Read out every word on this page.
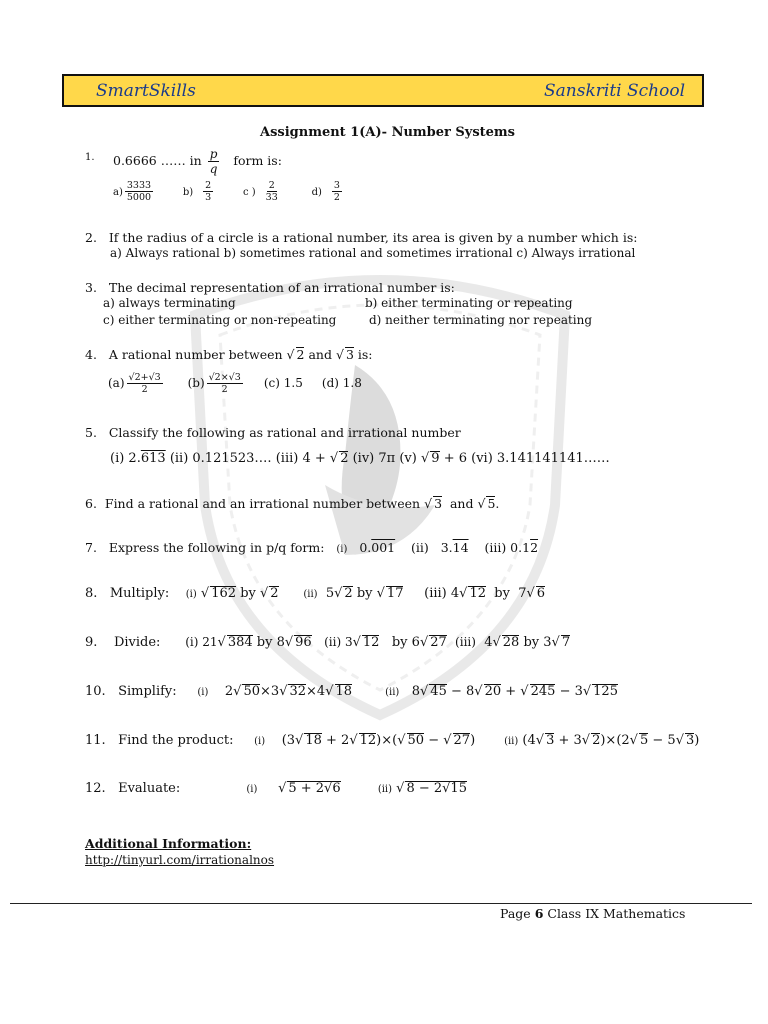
SmartSkills	Sanskriti School
Assignment 1(A)- Number Systems
1. 0.6666 …… in $\frac{p}{q}$ form is:
$a) \frac{3333}{5000}$	$b) \frac{2}{3}$	c ) $\frac{2}{33}$	$d) \frac{3}{2}$
2. If the radius of a circle is a rational number, its area is given by a number which is:
a) Always rational b) sometimes rational and sometimes irrational c) Always irrational
3. The decimal representation of an irrational number is:
a) always terminating	b) either terminating or repeating
c) either terminating or non-repeating	d) neither terminating nor repeating
4. A rational number between √ 2 and √ 3 is:
$(a) \frac{√2+√3}{2} (b) \frac{√2\times√3}{2} (c)$ 1.5 (d) 1.8
5. Classify the following as rational and irrational number
(i) 2.613 (ii) 0.121523…. (iii) 4 + √ 2 (iv) 7π (v) √ 9 + 6 (vi) 3.141141141……
6. Find a rational and an irrational number between √ 3 and √ 5.
7. Express the following in p/q form: (i) 0.001 (ii) 3.14 (iii) 0.12
8. Multiply: (i) √ 162 by √ 2 (ii) 5√ 2 by √ 17 (iii) 4√ 12 by 7√ 6
9. Divide: (i) 21√ 384 by 8√ 96 (ii) 3√ 12 by 6√ 27 (iii) 4√ 28 by 3√ 7
10. Simplify: (i) 2√ 50×3√ 32×4√ 18	(ii) 8√ 45 − 8√ 20 + √ 245 − 3√ 125
11. Find the product: (i) (3√ 18 + 2√ 12)×(√ 50 − √ 27)	(ii) (4√ 3 + 3√ 2)×(2√ 5 − 5√ 3)
12. Evaluate:	(i)     √ 5 + 2√6	(ii) √ 8 − 2√15
Additional Information:
http://tinyurl.com/irrationalnos
Page 6 Class IX Mathematics
